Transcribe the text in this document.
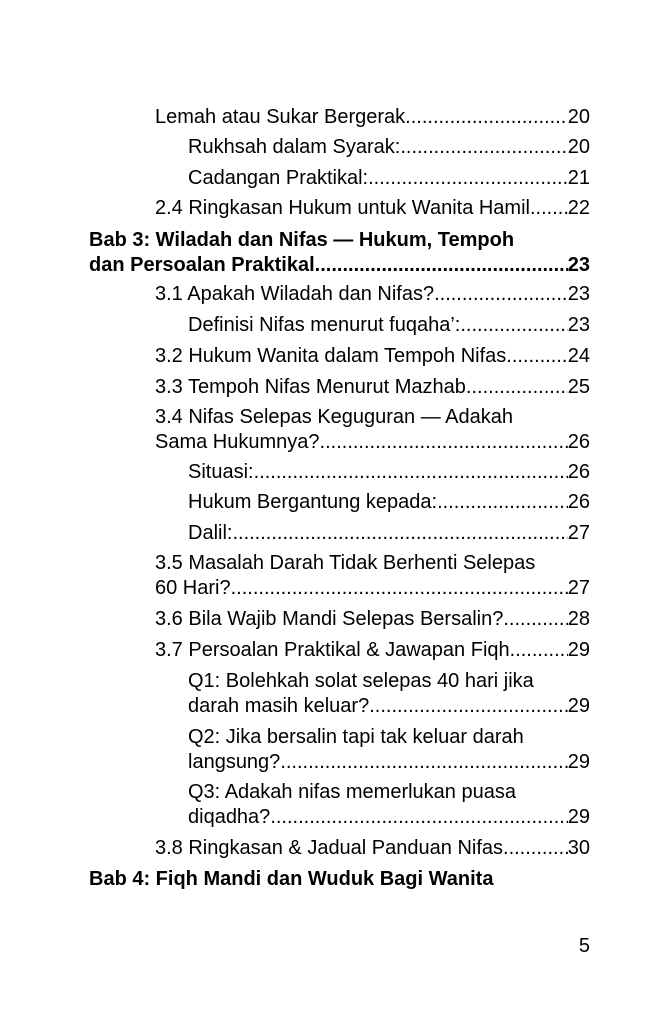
Lemah atau Sukar Bergerak .....	20
Rukhsah dalam Syarak: .....	20
Cadangan Praktikal: .....	21
2.4 Ringkasan Hukum untuk Wanita Hamil ..... 22
Bab 3: Wiladah dan Nifas — Hukum, Tempoh
dan Persoalan Praktikal .....	23
3.1 Apakah Wiladah dan Nifas? .....	23
Definisi Nifas menurut fuqaha’: .....	23
3.2 Hukum Wanita dalam Tempoh Nifas .....	24
3.3 Tempoh Nifas Menurut Mazhab .....	25
3.4 Nifas Selepas Keguguran — Adakah
Sama Hukumnya? .....	26
Situasi: .....	26
Hukum Bergantung kepada: .....	26
Dalil: .....	27
3.5 Masalah Darah Tidak Berhenti Selepas
60 Hari? .....	27
3.6 Bila Wajib Mandi Selepas Bersalin? .....	28
3.7 Persoalan Praktikal & Jawapan Fiqh .....	29
Q1: Bolehkah solat selepas 40 hari jika
darah masih keluar? .....	29
Q2: Jika bersalin tapi tak keluar darah
langsung? .....	29
Q3: Adakah nifas memerlukan puasa
diqadha? .....	29
3.8 Ringkasan & Jadual Panduan Nifas .....	30
Bab 4: Fiqh Mandi dan Wuduk Bagi Wanita
5
